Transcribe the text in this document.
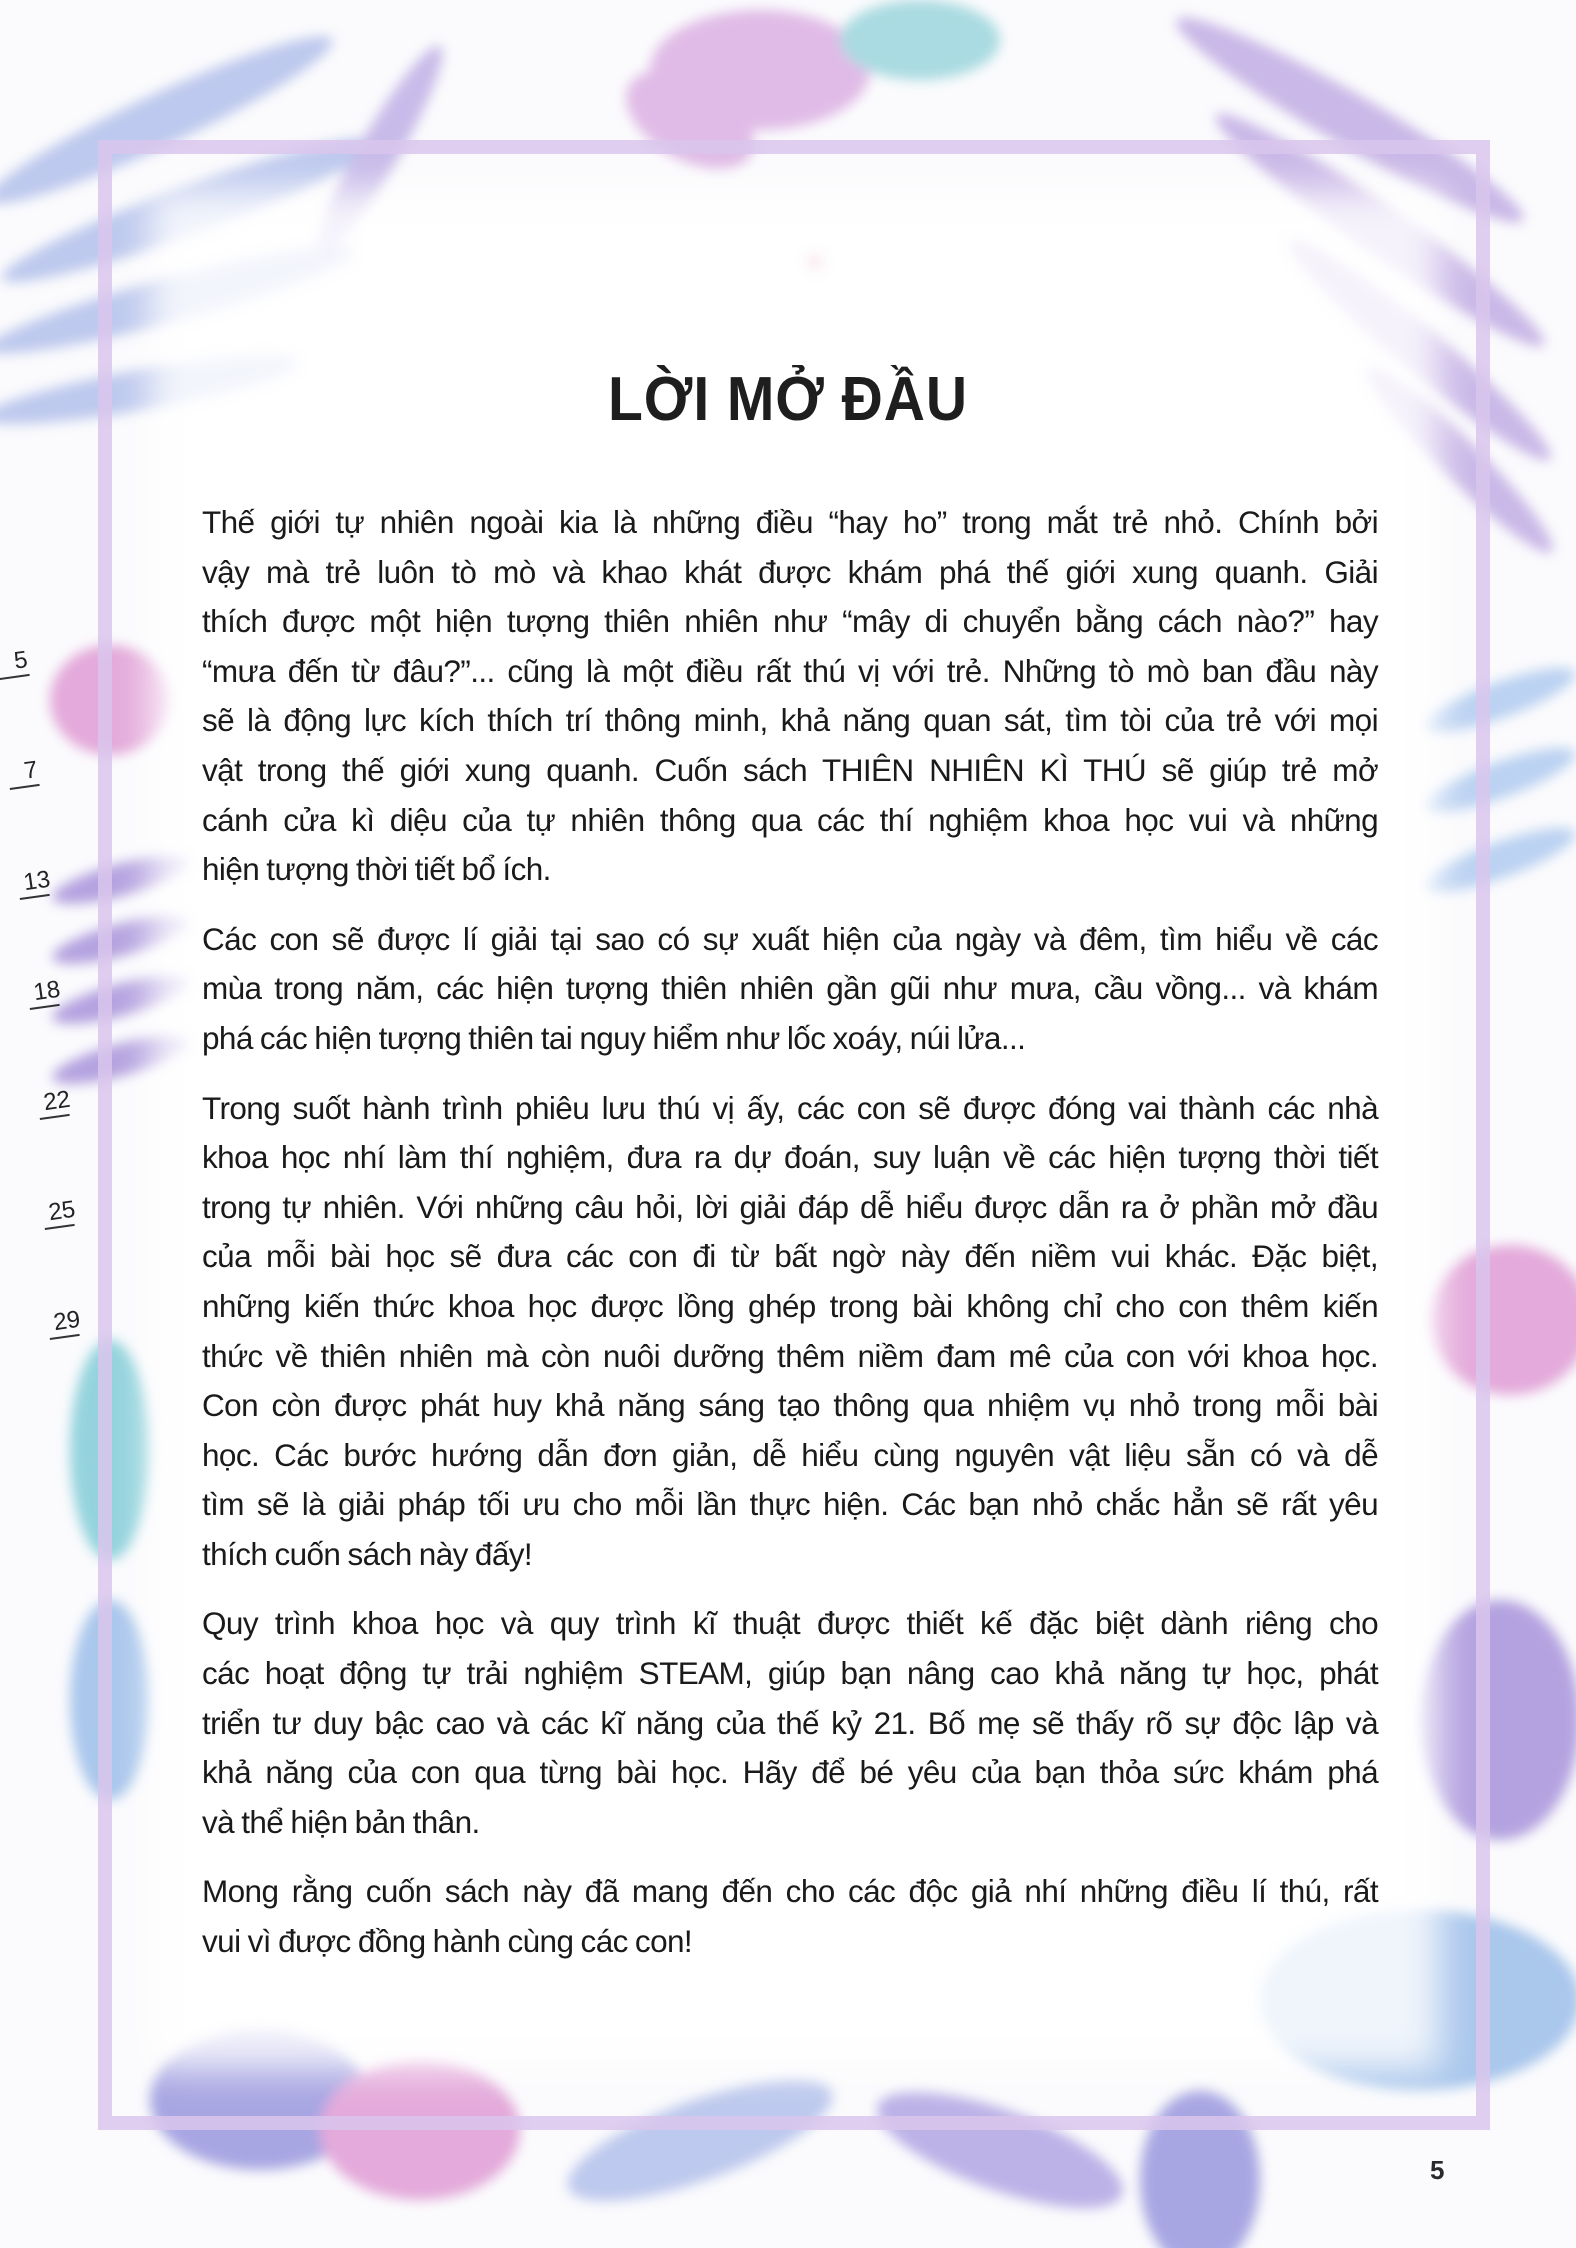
5
7
13
18
22
25
29
LỜI MỞ ĐẦU
Thế giới tự nhiên ngoài kia là những điều “hay ho” trong mắt trẻ nhỏ. Chính bởi
vậy mà trẻ luôn tò mò và khao khát được khám phá thế giới xung quanh. Giải
thích được một hiện tượng thiên nhiên như “mây di chuyển bằng cách nào?” hay
“mưa đến từ đâu?”... cũng là một điều rất thú vị với trẻ. Những tò mò ban đầu này
sẽ là động lực kích thích trí thông minh, khả năng quan sát, tìm tòi của trẻ với mọi
vật trong thế giới xung quanh. Cuốn sách THIÊN NHIÊN KÌ THÚ sẽ giúp trẻ mở
cánh cửa kì diệu của tự nhiên thông qua các thí nghiệm khoa học vui và những
hiện tượng thời tiết bổ ích.
Các con sẽ được lí giải tại sao có sự xuất hiện của ngày và đêm, tìm hiểu về các
mùa trong năm, các hiện tượng thiên nhiên gần gũi như mưa, cầu vồng... và khám
phá các hiện tượng thiên tai nguy hiểm như lốc xoáy, núi lửa...
Trong suốt hành trình phiêu lưu thú vị ấy, các con sẽ được đóng vai thành các nhà
khoa học nhí làm thí nghiệm, đưa ra dự đoán, suy luận về các hiện tượng thời tiết
trong tự nhiên. Với những câu hỏi, lời giải đáp dễ hiểu được dẫn ra ở phần mở đầu
của mỗi bài học sẽ đưa các con đi từ bất ngờ này đến niềm vui khác. Đặc biệt,
những kiến thức khoa học được lồng ghép trong bài không chỉ cho con thêm kiến
thức về thiên nhiên mà còn nuôi dưỡng thêm niềm đam mê của con với khoa học.
Con còn được phát huy khả năng sáng tạo thông qua nhiệm vụ nhỏ trong mỗi bài
học. Các bước hướng dẫn đơn giản, dễ hiểu cùng nguyên vật liệu sẵn có và dễ
tìm sẽ là giải pháp tối ưu cho mỗi lần thực hiện. Các bạn nhỏ chắc hẳn sẽ rất yêu
thích cuốn sách này đấy!
Quy trình khoa học và quy trình kĩ thuật được thiết kế đặc biệt dành riêng cho
các hoạt động tự trải nghiệm STEAM, giúp bạn nâng cao khả năng tự học, phát
triển tư duy bậc cao và các kĩ năng của thế kỷ 21. Bố mẹ sẽ thấy rõ sự độc lập và
khả năng của con qua từng bài học. Hãy để bé yêu của bạn thỏa sức khám phá
và thể hiện bản thân.
Mong rằng cuốn sách này đã mang đến cho các độc giả nhí những điều lí thú, rất
vui vì được đồng hành cùng các con!
5
